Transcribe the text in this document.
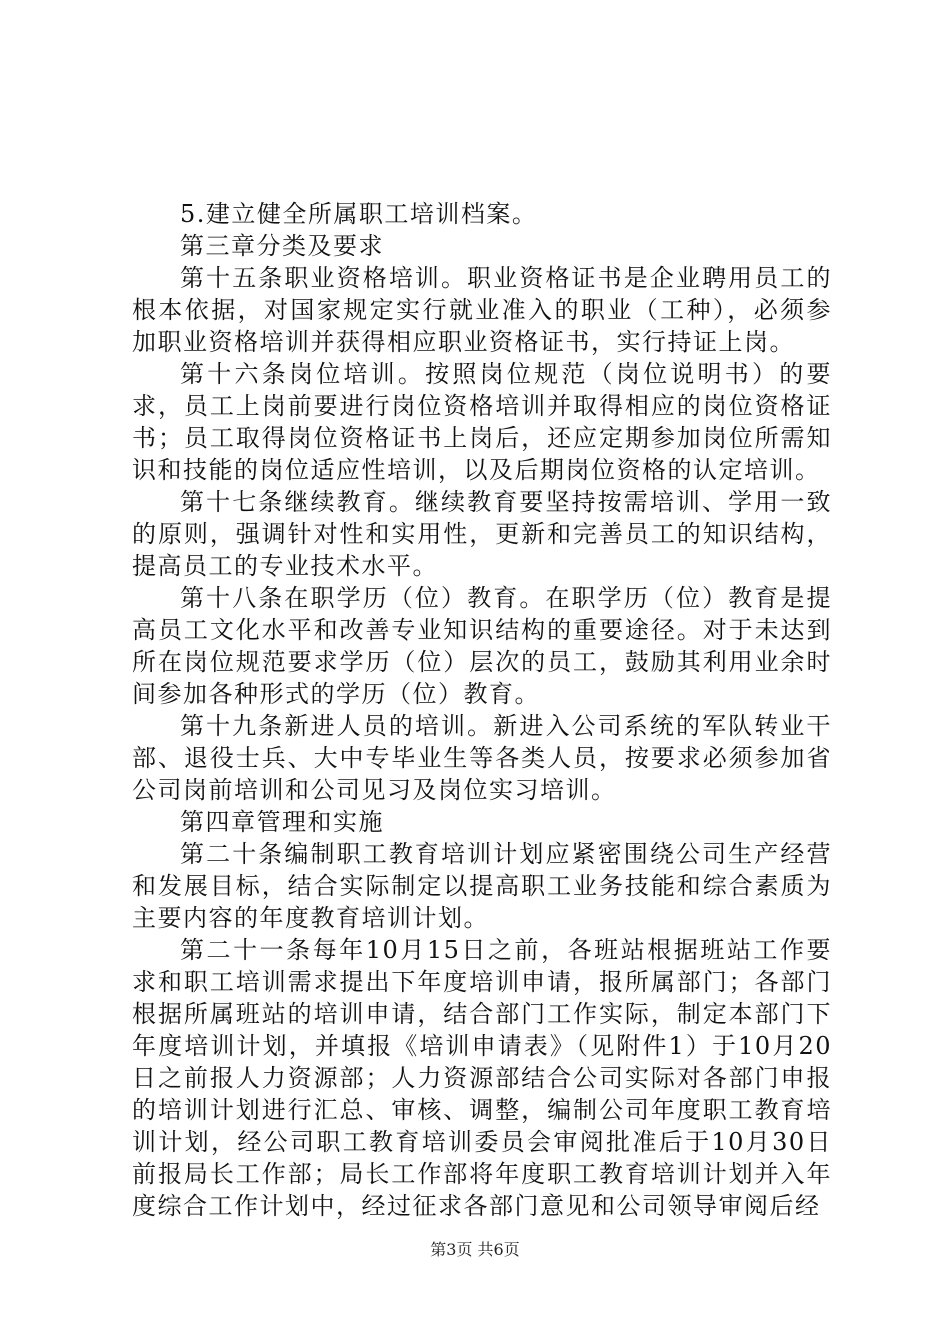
5.建立健全所属职工培训档案。

第三章分类及要求

第十五条职业资格培训。职业资格证书是企业聘用员工的根本依据，对国家规定实行就业准入的职业（工种），必须参加职业资格培训并获得相应职业资格证书，实行持证上岗。

第十六条岗位培训。按照岗位规范（岗位说明书）的要求，员工上岗前要进行岗位资格培训并取得相应的岗位资格证书；员工取得岗位资格证书上岗后，还应定期参加岗位所需知识和技能的岗位适应性培训，以及后期岗位资格的认定培训。

第十七条继续教育。继续教育要坚持按需培训、学用一致的原则，强调针对性和实用性，更新和完善员工的知识结构，提高员工的专业技术水平。

第十八条在职学历（位）教育。在职学历（位）教育是提高员工文化水平和改善专业知识结构的重要途径。对于未达到所在岗位规范要求学历（位）层次的员工，鼓励其利用业余时间参加各种形式的学历（位）教育。

第十九条新进人员的培训。新进入公司系统的军队转业干部、退役士兵、大中专毕业生等各类人员，按要求必须参加省公司岗前培训和公司见习及岗位实习培训。

第四章管理和实施

第二十条编制职工教育培训计划应紧密围绕公司生产经营和发展目标，结合实际制定以提高职工业务技能和综合素质为主要内容的年度教育培训计划。

第二十一条每年10月15日之前，各班站根据班站工作要求和职工培训需求提出下年度培训申请，报所属部门；各部门根据所属班站的培训申请，结合部门工作实际，制定本部门下年度培训计划，并填报《培训申请表》（见附件1）于10月20日之前报人力资源部；人力资源部结合公司实际对各部门申报的培训计划进行汇总、审核、调整，编制公司年度职工教育培训计划，经公司职工教育培训委员会审阅批准后于10月30日前报局长工作部；局长工作部将年度职工教育培训计划并入年度综合工作计划中，经过征求各部门意见和公司领导审阅后经

第3页 共6页
